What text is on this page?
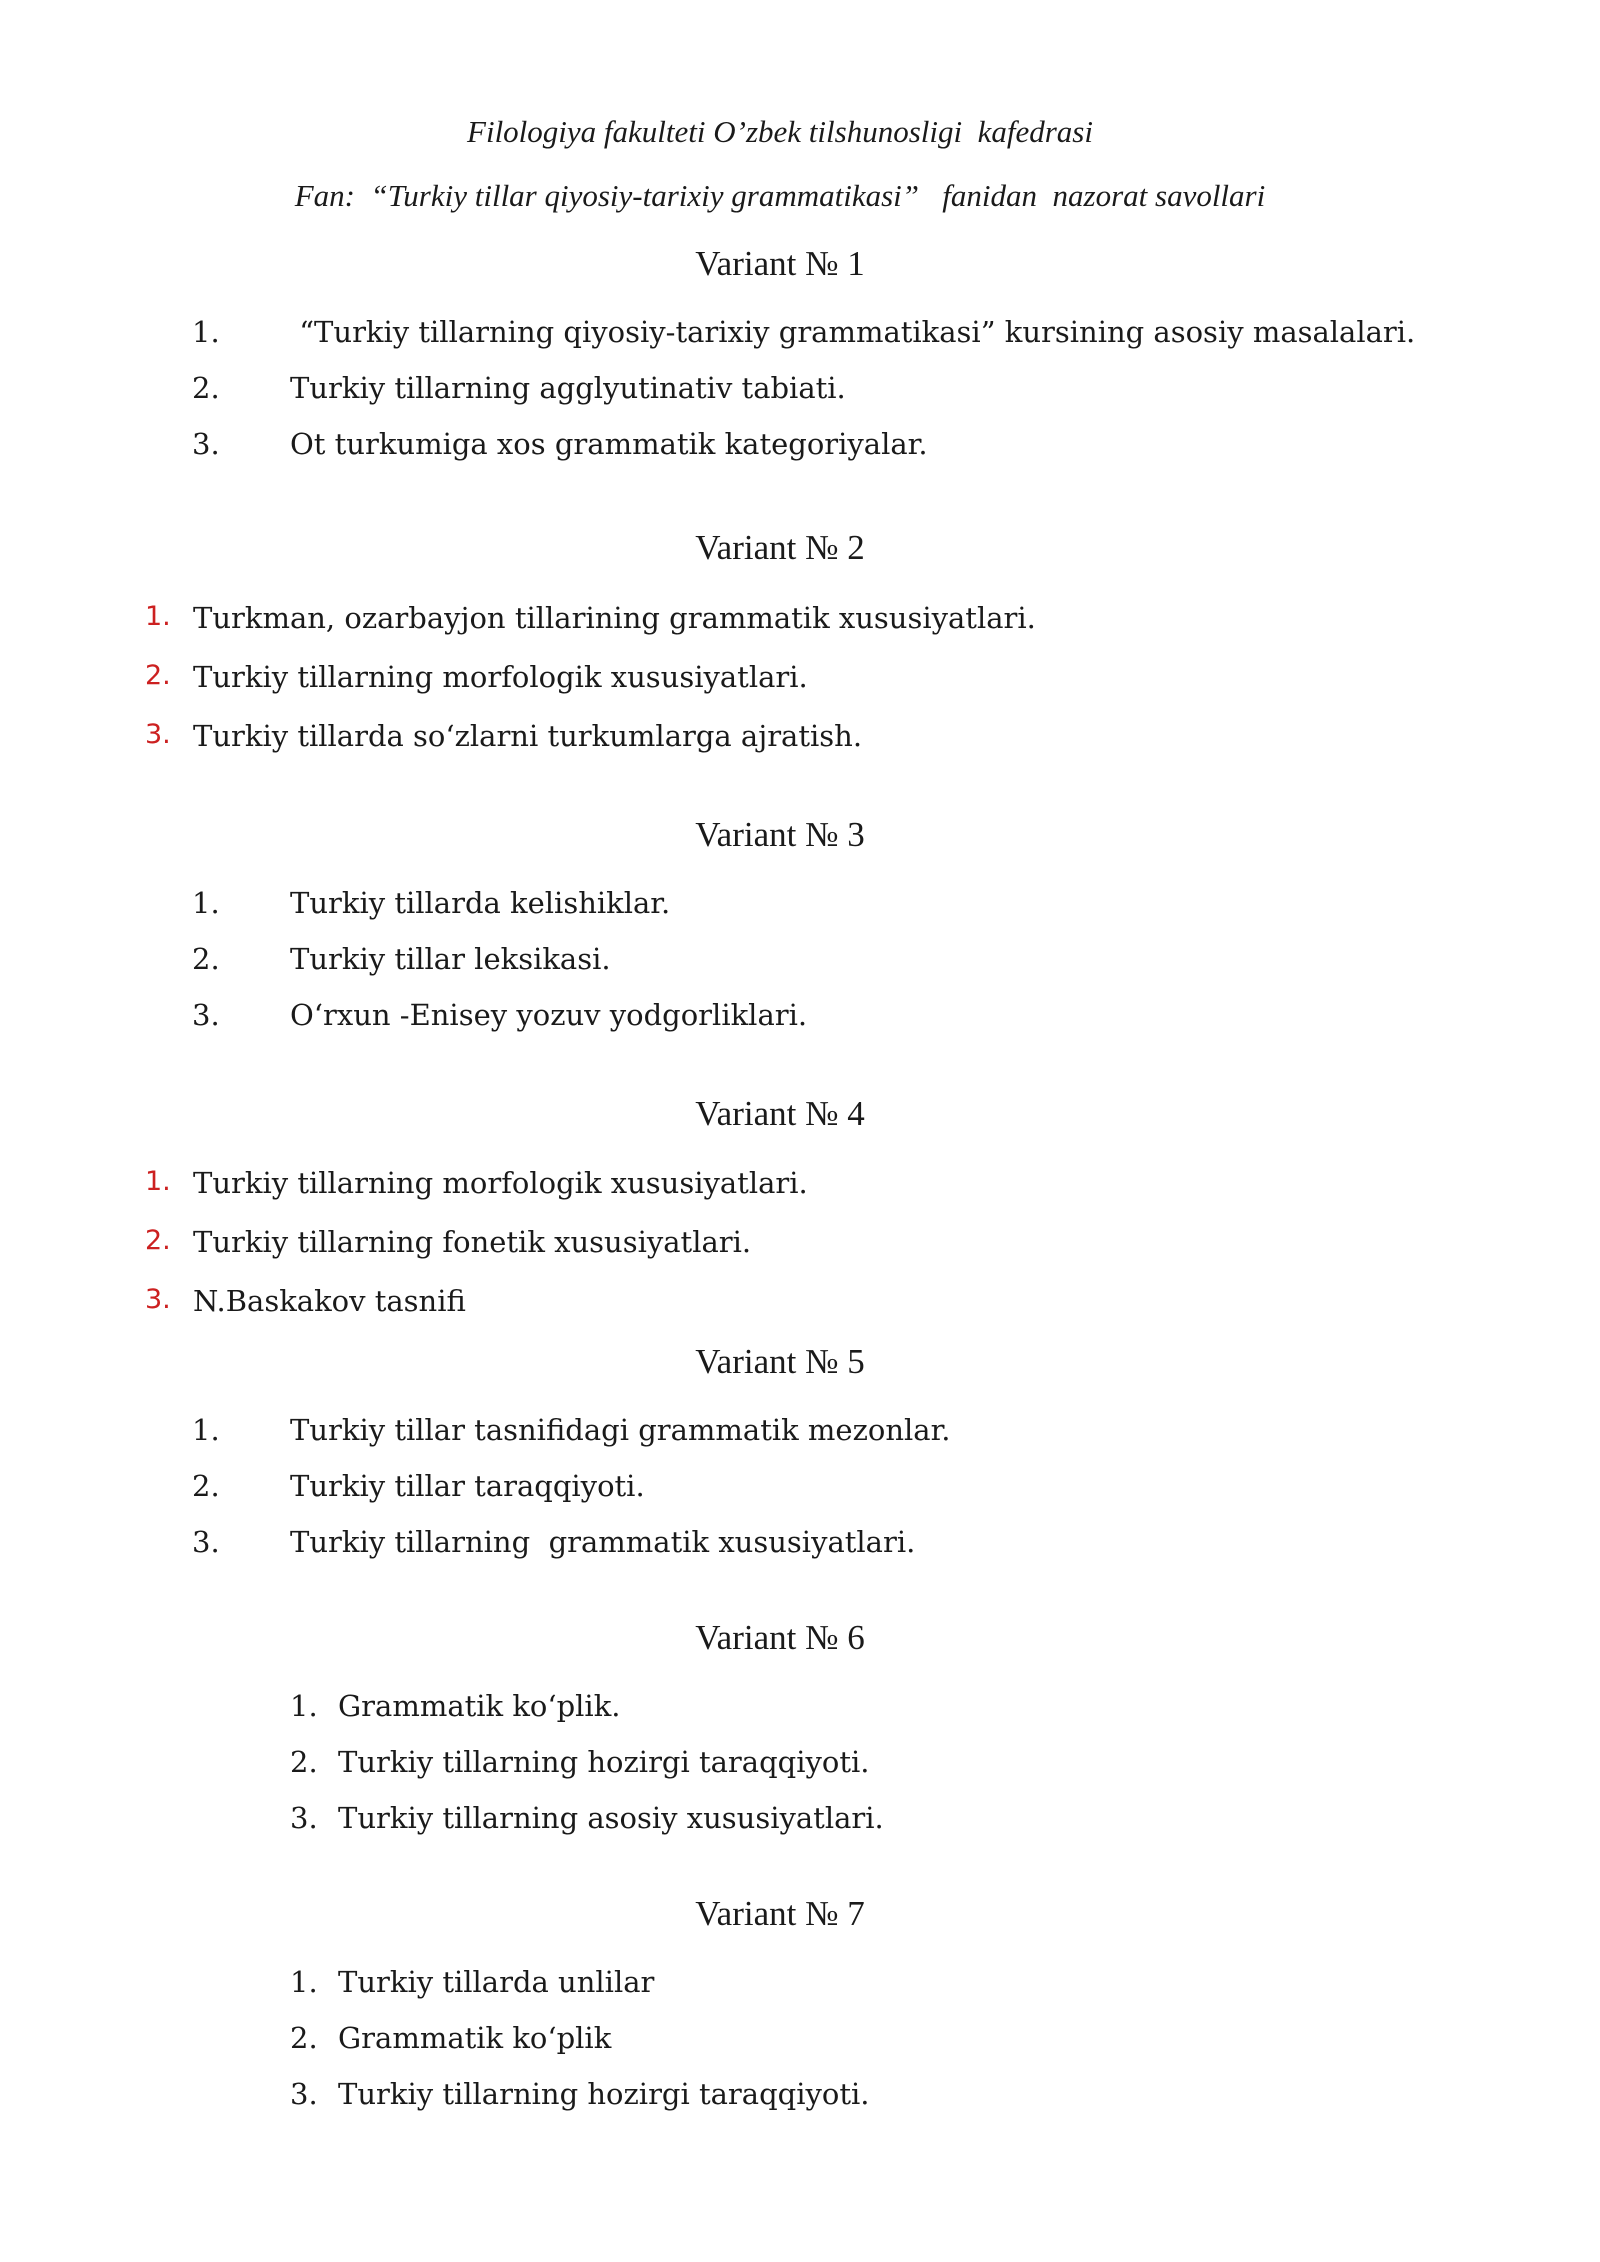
Filologiya fakulteti O’zbek tilshunosligi  kafedrasi
Fan:  “Turkiy tillar qiyosiy-tarixiy grammatikasi”   fanidan  nazorat savollari
Variant № 1
1. “Turkiy tillarning qiyosiy-tarixiy grammatikasi” kursining asosiy masalalari.
2. Turkiy tillarning agglyutinativ tabiati.
3. Ot turkumiga xos grammatik kategoriyalar.
Variant № 2
1. Turkman, ozarbayjon tillarining grammatik xususiyatlari.
2. Turkiy tillarning morfologik xususiyatlari.
3. Turkiy tillarda so‘zlarni turkumlarga ajratish.
Variant № 3
1. Turkiy tillarda kelishiklar.
2. Turkiy tillar leksikasi.
3. O‘rxun -Enisey yozuv yodgorliklari.
Variant № 4
1. Turkiy tillarning morfologik xususiyatlari.
2. Turkiy tillarning fonetik xususiyatlari.
3. N.Baskakov tasnifi
Variant № 5
1. Turkiy tillar tasnifidagi grammatik mezonlar.
2. Turkiy tillar taraqqiyoti.
3. Turkiy tillarning  grammatik xususiyatlari.
Variant № 6
1. Grammatik ko‘plik.
2. Turkiy tillarning hozirgi taraqqiyoti.
3. Turkiy tillarning asosiy xususiyatlari.
Variant № 7
1. Turkiy tillarda unlilar
2. Grammatik ko‘plik
3. Turkiy tillarning hozirgi taraqqiyoti.
